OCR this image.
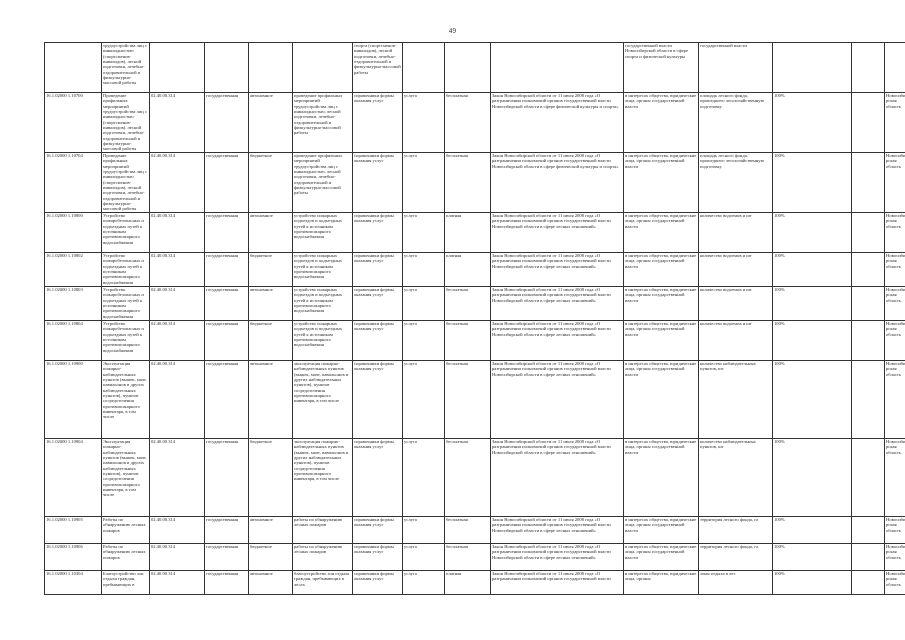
49

	трудоустройства лиц с инвалидностью (спортсменов-инвалидов), лесной подготовки, лечебно-оздоровительной и физкультурно-массовой работы					спорта (спортсменов-инвалидов), лесной подготовки, лечебно-оздоровительной и физкультурно-массовой работы				государственной власти Новосибирской области в сфере спорта и физической культуры	государственной власти				

16.1.02000 1.10700	Проведение профильных мероприятий трудоустройства лиц с инвалидностью (спортсменов-инвалидов), лесной подготовки, лечебно-оздоровительной и физкультурно-массовой работы	02.40.00.314	государственная	автономное	проведение профильных мероприятий трудоустройства лиц с инвалидностью, лесной подготовки, лечебно-оздоровительной и физкультурно-массовой работы	справочники формы оказания услуг	услуга	бесплатная	Закон Новосибирской области от 11 июля 2008 года «О разграничении полномочий органов государственной власти Новосибирской области в сфере физической культуры и спорта»	в интересах общества, юридические лица, органы государственной власти	площадь лесного фонда, прошедшего лесохозяйственную подготовку	100%		Новосибирская область	

16.1.02000 1.10704	Проведение профильных мероприятий трудоустройства лиц с инвалидностью (спортсменов-инвалидов), лесной подготовки, лечебно-оздоровительной и физкультурно-массовой работы	02.40.00.314	государственная	бюджетное	проведение профильных мероприятий трудоустройства лиц с инвалидностью, лесной подготовки, лечебно-оздоровительной и физкультурно-массовой работы	справочники формы оказания услуг	услуга	бесплатная	Закон Новосибирской области от 11 июля 2008 года «О разграничении полномочий органов государственной власти Новосибирской области в сфере физической культуры и спорта»	в интересах общества, юридические лица, органы государственной власти	площадь лесного фонда, прошедшего лесохозяйственную подготовку	100%		Новосибирская область	

16.1.02000 1.10800	Устройство пожаробезопасных и подъездных путей к источникам противопожарного водоснабжения	02.40.00.314	государственная	автономное	устройство пожарных подъездов и подъездных путей к источникам противопожарного водоснабжения	справочники формы оказания услуг	услуга	платная	Закон Новосибирской области от 11 июля 2008 года «О разграничении полномочий органов государственной власти Новосибирской области в сфере лесных отношений»	в интересах общества, юридические лица, органы государственной власти	количество водоемов и шт	100%		Новосибирская область	

16.1.02000 1.10802	Устройство пожаробезопасных и подъездных путей к источникам противопожарного водоснабжения	02.40.00.314	государственная	бюджетное	устройство пожарных подъездов и подъездных путей к источникам противопожарного водоснабжения	справочники формы оказания услуг	услуга	платная	Закон Новосибирской области от 11 июля 2008 года «О разграничении полномочий органов государственной власти Новосибирской области в сфере лесных отношений»	в интересах общества, юридические лица, органы государственной власти	количество водоемов и шт	100%		Новосибирская область	

16.1.02000 1.10803	Устройство пожаробезопасных и подъездных путей к источникам противопожарного водоснабжения	02.40.00.314	государственная	автономное	устройство пожарных подъездов и подъездных путей к источникам противопожарного водоснабжения	справочники формы оказания услуг	услуга	бесплатная	Закон Новосибирской области от 11 июля 2008 года «О разграничении полномочий органов государственной власти Новосибирской области в сфере лесных отношений»	в интересах общества, юридические лица, органы государственной власти	количество водоемов и шт	100%		Новосибирская область	

16.1.02000 1.10804	Устройство пожаробезопасных и подъездных путей к источникам противопожарного водоснабжения	02.40.00.314	государственная	бюджетное	устройство пожарных подъездов и подъездных путей к источникам противопожарного водоснабжения	справочники формы оказания услуг	услуга	бесплатная	Закон Новосибирской области от 11 июля 2008 года «О разграничении полномочий органов государственной власти Новосибирской области в сфере лесных отношений»	в интересах общества, юридические лица, органы государственной власти	количество водоемов и шт	100%		Новосибирская область	

16.1.02000 1.10900	Эксплуатация пожарно-наблюдательных пунктов (вышек, мачт, павильонов и других наблюдательных пунктов), пунктов сосредоточения противопожарного инвентаря, в том числе	02.40.00.314	государственная	автономное	эксплуатация пожарно-наблюдательных пунктов (вышек, мачт, павильонов и других наблюдательных пунктов), пунктов сосредоточения противопожарного инвентаря, в том числе	справочники формы оказания услуг	услуга	бесплатная	Закон Новосибирской области от 11 июля 2008 года «О разграничении полномочий органов государственной власти Новосибирской области в сфере лесных отношений»	в интересах общества, юридические лица, органы государственной власти	количество наблюдательных пунктов, шт	100%		Новосибирская область	

16.1.02000 1.10904	Эксплуатация пожарно-наблюдательных пунктов (вышек, мачт, павильонов и других наблюдательных пунктов), пунктов сосредоточения противопожарного инвентаря, в том числе	02.40.00.314	государственная	бюджетное	эксплуатация пожарно-наблюдательных пунктов (вышек, мачт, павильонов и других наблюдательных пунктов), пунктов сосредоточения противопожарного инвентаря, в том числе	справочники формы оказания услуг	услуга	бесплатная	Закон Новосибирской области от 11 июля 2008 года «О разграничении полномочий органов государственной власти Новосибирской области в сфере лесных отношений»	в интересах общества, юридические лица, органы государственной власти	количество наблюдательных пунктов, шт	100%		Новосибирская область	

16.1.02000 1.10905	Работы по обнаружению лесных пожаров	02.40.00.314	государственная	автономное	работы по обнаружению лесных пожаров	справочники формы оказания услуг	услуга	бесплатная	Закон Новосибирской области от 11 июля 2008 года «О разграничении полномочий органов государственной власти Новосибирской области в сфере лесных отношений»	в интересах общества, юридические лица, органы государственной власти	территория лесного фонда, га	100%		Новосибирская область	

16.1.02000 1.10906	Работы по обнаружению лесных пожаров	02.40.00.314	государственная	бюджетное	работы по обнаружению лесных пожаров	справочники формы оказания услуг	услуга	бесплатная	Закон Новосибирской области от 11 июля 2008 года «О разграничении полномочий органов государственной власти Новосибирской области в сфере лесных отношений»	в интересах общества, юридические лица, органы государственной власти	территория лесного фонда, га	100%		Новосибирская область	

16.1.02000 1.10304	Благоустройство зон отдыха граждан, пребывающих в	02.40.00.314	государственная	автономное	благоустройство зон отдыха граждан, пребывающих в лесах	справочники формы оказания услуг	услуга	платная	Закон Новосибирской области от 11 июля 2008 года «О разграничении полномочий органов государственной власти	в интересах общества, юридические лица, органы	зоны отдыха в лес	100%		Новосибирская область	
